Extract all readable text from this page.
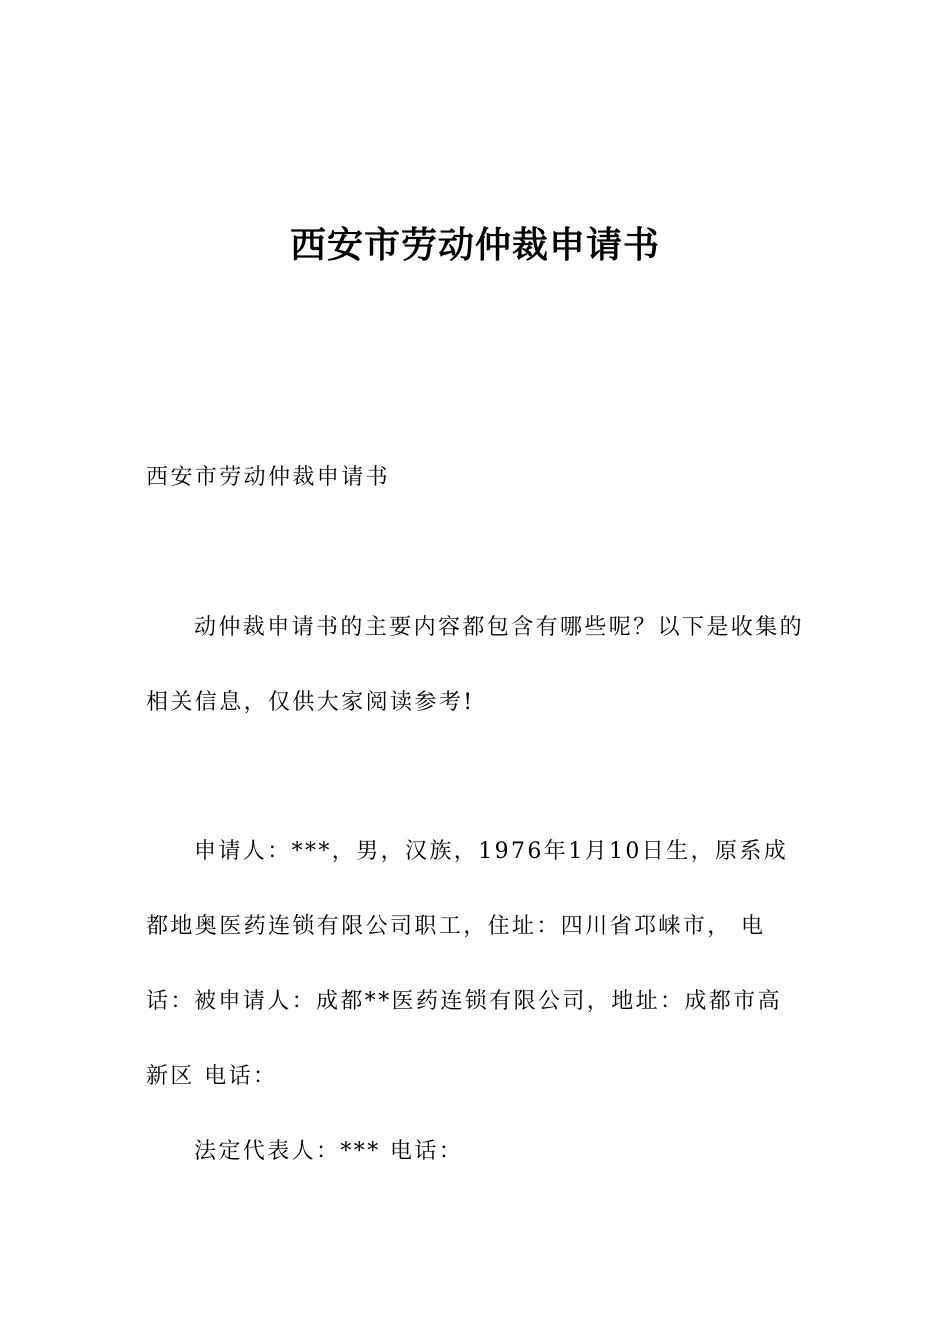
西安市劳动仲裁申请书

西安市劳动仲裁申请书

动仲裁申请书的主要内容都包含有哪些呢？以下是收集的相关信息，仅供大家阅读参考!

申请人：***，男，汉族，1976年1月10日生，原系成都地奥医药连锁有限公司职工，住址：四川省邛崃市， 电话： 被申请人：成都**医药连锁有限公司，地址：成都市高新区 电话：

法定代表人：*** 电话：
